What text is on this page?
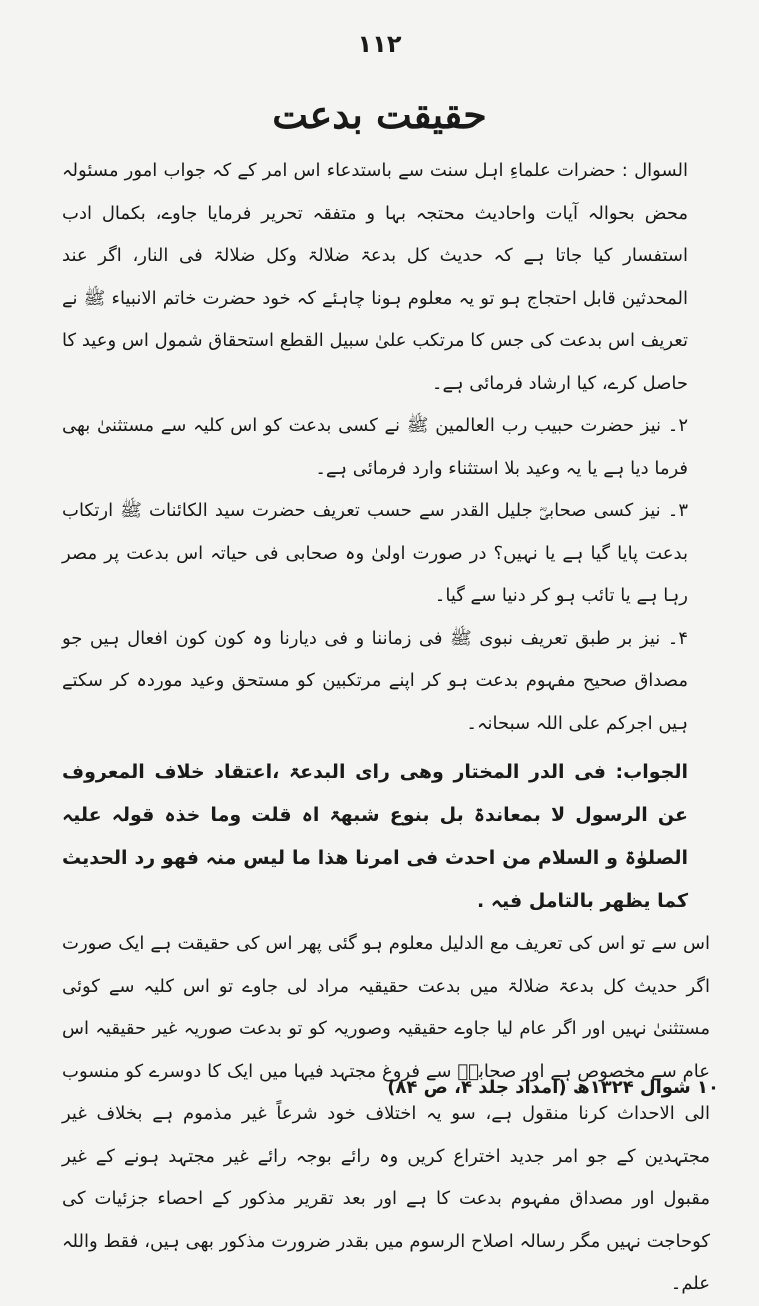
١١٢
حقیقت بدعت

السوال : حضرات علماءِ اہل سنت سے باستدعاء اس امر کے کہ جواب امور مسئولہ محض بحوالہ آیات واحادیث محتجہ بہا و متفقہ تحریر فرمایا جاوے، بکمال ادب استفسار کیا جاتا ہے کہ حدیث کل بدعۃ ضلالۃ وکل ضلالۃ فی النار، اگر عند المحدثین قابل احتجاج ہو تو یہ معلوم ہونا چاہئے کہ خود حضرت خاتم الانبیاء ﷺ نے تعریف اس بدعت کی جس کا مرتکب علیٰ سبیل القطع استحقاق شمول اس وعید کا حاصل کرے، کیا ارشاد فرمائی ہے۔

۲۔ نیز حضرت حبیب رب العالمین ﷺ نے کسی بدعت کو اس کلیہ سے مستثنیٰ بھی فرما دیا ہے یا یہ وعید بلا استثناء وارد فرمائی ہے۔

۳۔ نیز کسی صحابیؓ جلیل القدر سے حسب تعریف حضرت سید الکائنات ﷺ ارتکاب بدعت پایا گیا ہے یا نہیں؟ در صورت اولیٰ وہ صحابی فی حیاتہ اس بدعت پر مصر رہا ہے یا تائب ہو کر دنیا سے گیا۔

۴۔ نیز بر طبق تعریف نبوی ﷺ فی زماننا و فی دیارنا وہ کون کون افعال ہیں جو مصداق صحیح مفہوم بدعت ہو کر اپنے مرتکبین کو مستحق وعید موردہ کر سکتے ہیں اجرکم علی اللہ سبحانہ۔

الجواب: فی الدر المختار وھی رای البدعۃ ،اعتقاد خلاف المعروف عن الرسول لا بمعاندۃ بل بنوع شبھۃ اہ قلت وما خذہ قولہ علیہ الصلوٰۃ و السلام من احدث فی امرنا ھذا ما لیس منہ فھو رد الحدیث کما یظھر بالتامل فیہ .

اس سے تو اس کی تعریف مع الدلیل معلوم ہو گئی پھر اس کی حقیقت ہے ایک صورت اگر حدیث کل بدعۃ ضلالۃ میں بدعت حقیقیہ مراد لی جاوے تو اس کلیہ سے کوئی مستثنیٰ نہیں اور اگر عام لیا جاوے حقیقیہ وصوریہ کو تو بدعت صوریہ غیر حقیقیہ اس عام سے مخصوص ہے اور صحابہؓ سے فروغ مجتہد فیہا میں ایک کا دوسرے کو منسوب الی الاحداث کرنا منقول ہے، سو یہ اختلاف خود شرعاً غیر مذموم ہے بخلاف غیر مجتہدین کے جو امر جدید اختراع کریں وہ رائے بوجہ رائے غیر مجتہد ہونے کے غیر مقبول اور مصداق مفہوم بدعت کا ہے اور بعد تقریر مذکور کے احصاء جزئیات کی کوحاجت نہیں مگر رسالہ اصلاح الرسوم میں بقدر ضرورت مذکور بھی ہیں، فقط واللہ علم۔

۱۰ شوال ۱۳۲۴ھ (امداد جلد ۴، ص ۸۴)
